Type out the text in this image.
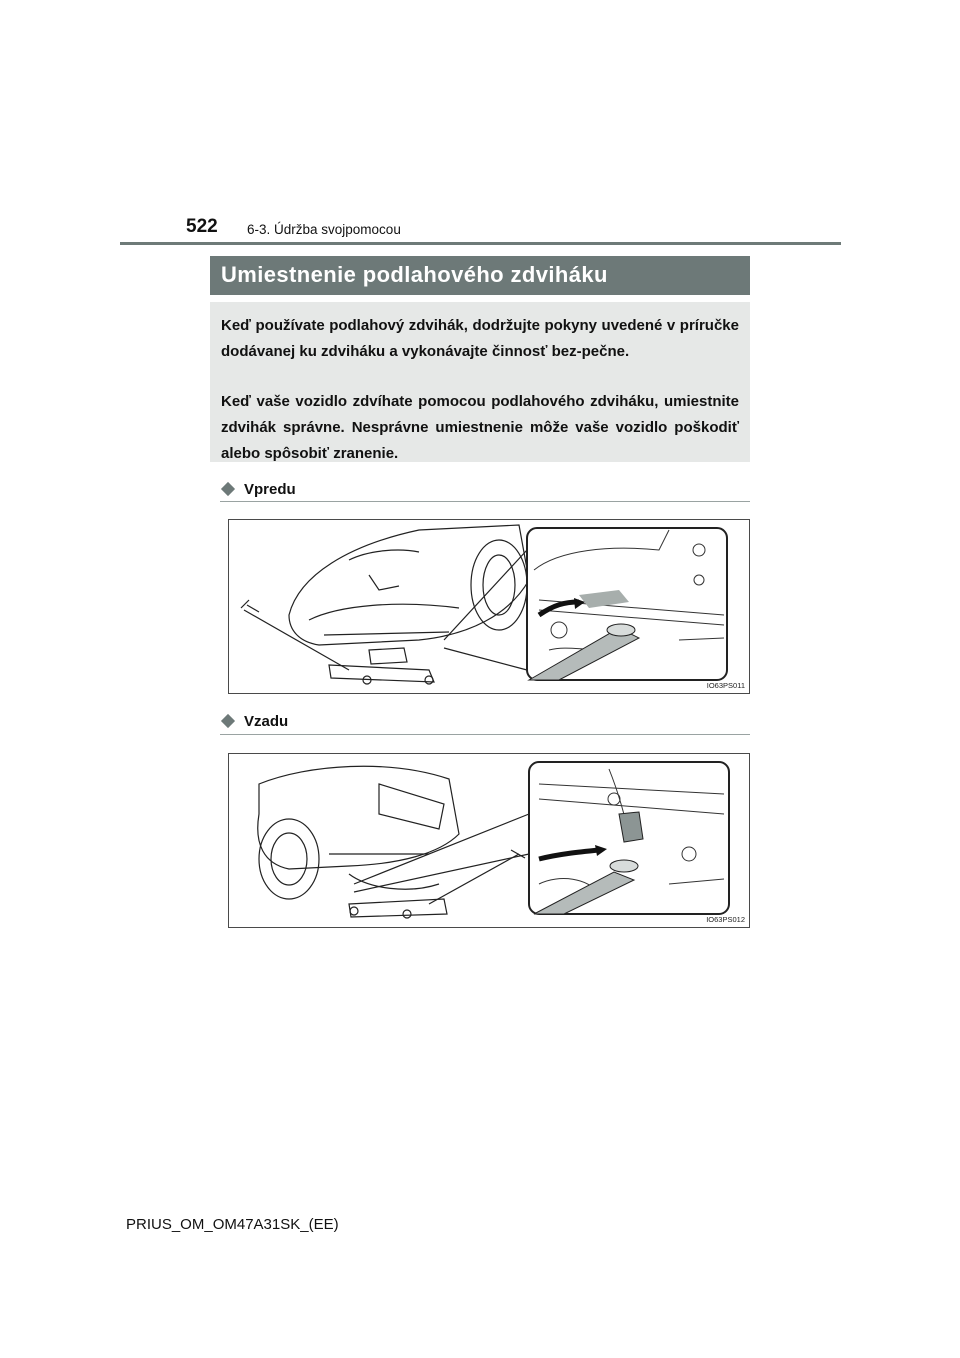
522 6-3. Údržba svojpomocou
Umiestnenie podlahového zdviháku

Keď používate podlahový zdvihák, dodržujte pokyny uvedené v príručke dodávanej ku zdviháku a vykonávajte činnosť bez-pečne.

Keď vaše vozidlo zdvíhate pomocou podlahového zdviháku, umiestnite zdvihák správne. Nesprávne umiestnenie môže vaše vozidlo poškodiť alebo spôsobiť zranenie.

Vpredu
IO63PS011
Vzadu
IO63PS012
PRIUS_OM_OM47A31SK_(EE)
